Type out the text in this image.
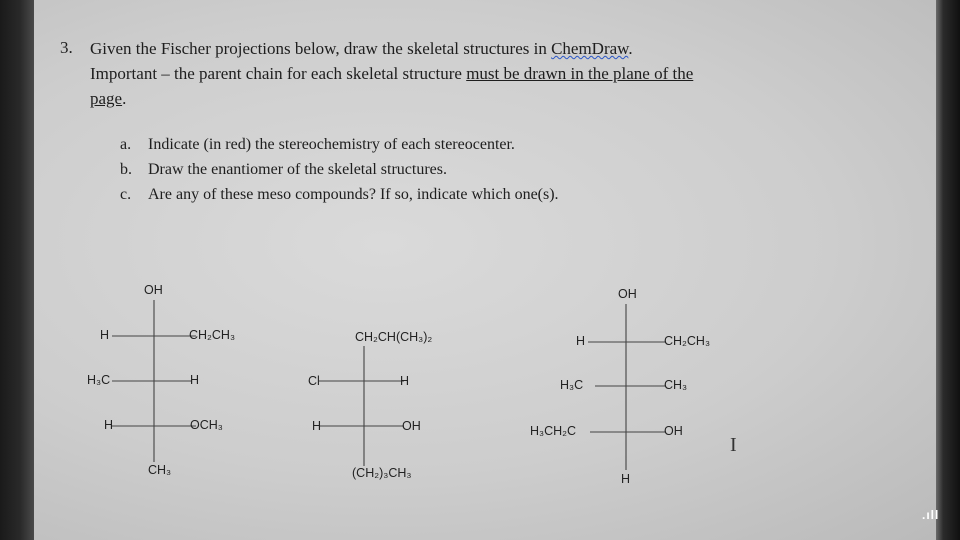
3. Given the Fischer projections below, draw the skeletal structures in ChemDraw.
Important – the parent chain for each skeletal structure must be drawn in the plane of the
page.
a. Indicate (in red) the stereochemistry of each stereocenter.
b. Draw the enantiomer of the skeletal structures.
c. Are any of these meso compounds? If so, indicate which one(s).
OH
H	CH₂CH₃
H₃C	H
H	OCH₃
CH₃
CH₂CH(CH₃)₂
Cl	H
H	OH
(CH₂)₃CH₃
OH
H	CH₂CH₃
H₃C	CH₃
H₃CH₂C	OH
H
I
.ıll
